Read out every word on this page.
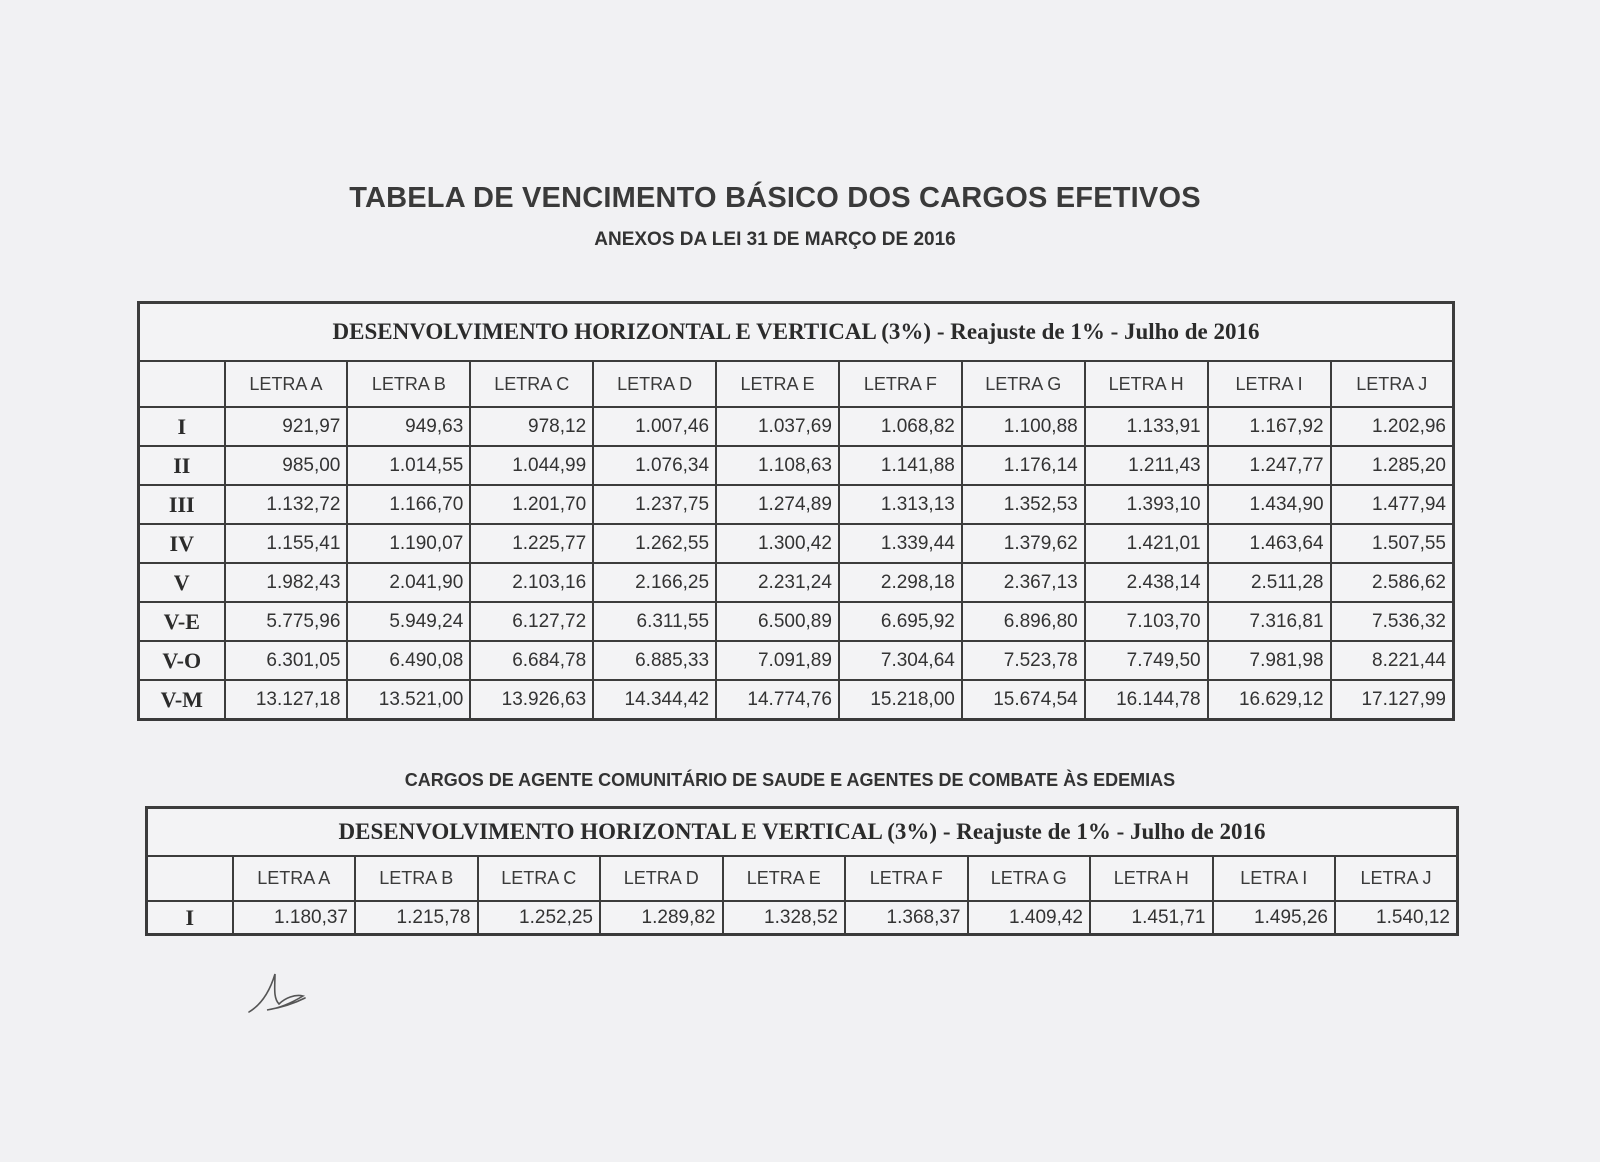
TABELA DE VENCIMENTO BÁSICO DOS CARGOS EFETIVOS
ANEXOS DA LEI 31 DE MARÇO DE 2016
DESENVOLVIMENTO HORIZONTAL E VERTICAL (3%) - Reajuste de 1% - Julho de 2016										
	LETRA A	LETRA B	LETRA C	LETRA D	LETRA E	LETRA F	LETRA G	LETRA H	LETRA I	LETRA J
I	921,97	949,63	978,12	1.007,46	1.037,69	1.068,82	1.100,88	1.133,91	1.167,92	1.202,96
II	985,00	1.014,55	1.044,99	1.076,34	1.108,63	1.141,88	1.176,14	1.211,43	1.247,77	1.285,20
III	1.132,72	1.166,70	1.201,70	1.237,75	1.274,89	1.313,13	1.352,53	1.393,10	1.434,90	1.477,94
IV	1.155,41	1.190,07	1.225,77	1.262,55	1.300,42	1.339,44	1.379,62	1.421,01	1.463,64	1.507,55
V	1.982,43	2.041,90	2.103,16	2.166,25	2.231,24	2.298,18	2.367,13	2.438,14	2.511,28	2.586,62
V-E	5.775,96	5.949,24	6.127,72	6.311,55	6.500,89	6.695,92	6.896,80	7.103,70	7.316,81	7.536,32
V-O	6.301,05	6.490,08	6.684,78	6.885,33	7.091,89	7.304,64	7.523,78	7.749,50	7.981,98	8.221,44
V-M	13.127,18	13.521,00	13.926,63	14.344,42	14.774,76	15.218,00	15.674,54	16.144,78	16.629,12	17.127,99
CARGOS DE AGENTE COMUNITÁRIO DE SAUDE E AGENTES DE COMBATE ÀS EDEMIAS
DESENVOLVIMENTO HORIZONTAL E VERTICAL (3%) - Reajuste de 1% - Julho de 2016										
	LETRA A	LETRA B	LETRA C	LETRA D	LETRA E	LETRA F	LETRA G	LETRA H	LETRA I	LETRA J
I	1.180,37	1.215,78	1.252,25	1.289,82	1.328,52	1.368,37	1.409,42	1.451,71	1.495,26	1.540,12
